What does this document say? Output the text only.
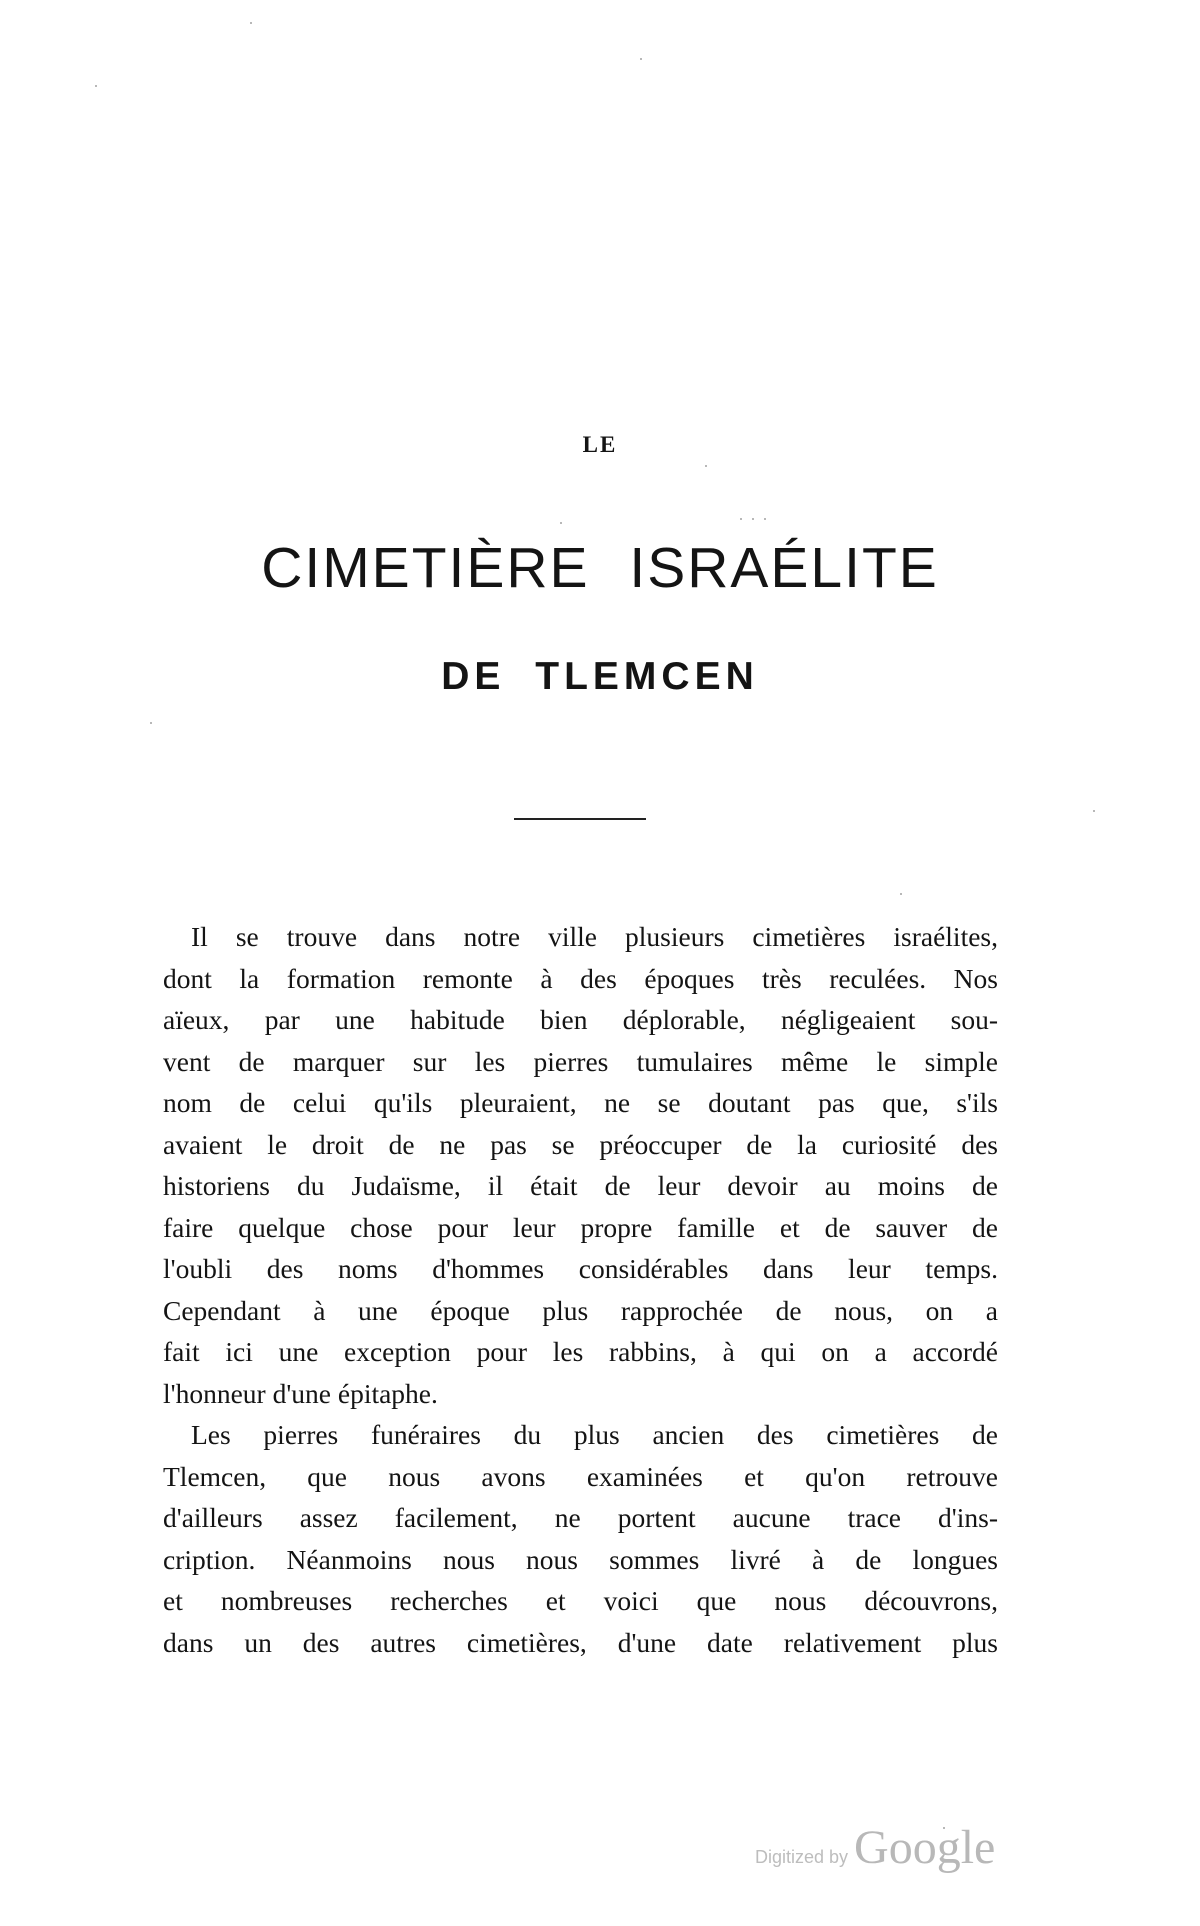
LE
CIMETIÈRE ISRAÉLITE
DE TLEMCEN
Il se trouve dans notre ville plusieurs cimetières israélites,
dont la formation remonte à des époques très reculées. Nos
aïeux, par une habitude bien déplorable, négligeaient sou-
vent de marquer sur les pierres tumulaires même le simple
nom de celui qu'ils pleuraient, ne se doutant pas que, s'ils
avaient le droit de ne pas se préoccuper de la curiosité des
historiens du Judaïsme, il était de leur devoir au moins de
faire quelque chose pour leur propre famille et de sauver de
l'oubli des noms d'hommes considérables dans leur temps.
Cependant à une époque plus rapprochée de nous, on a
fait ici une exception pour les rabbins, à qui on a accordé
l'honneur d'une épitaphe.
Les pierres funéraires du plus ancien des cimetières de
Tlemcen, que nous avons examinées et qu'on retrouve
d'ailleurs assez facilement, ne portent aucune trace d'ins-
cription. Néanmoins nous nous sommes livré à de longues
et nombreuses recherches et voici que nous découvrons,
dans un des autres cimetières, d'une date relativement plus
Digitized by Google
